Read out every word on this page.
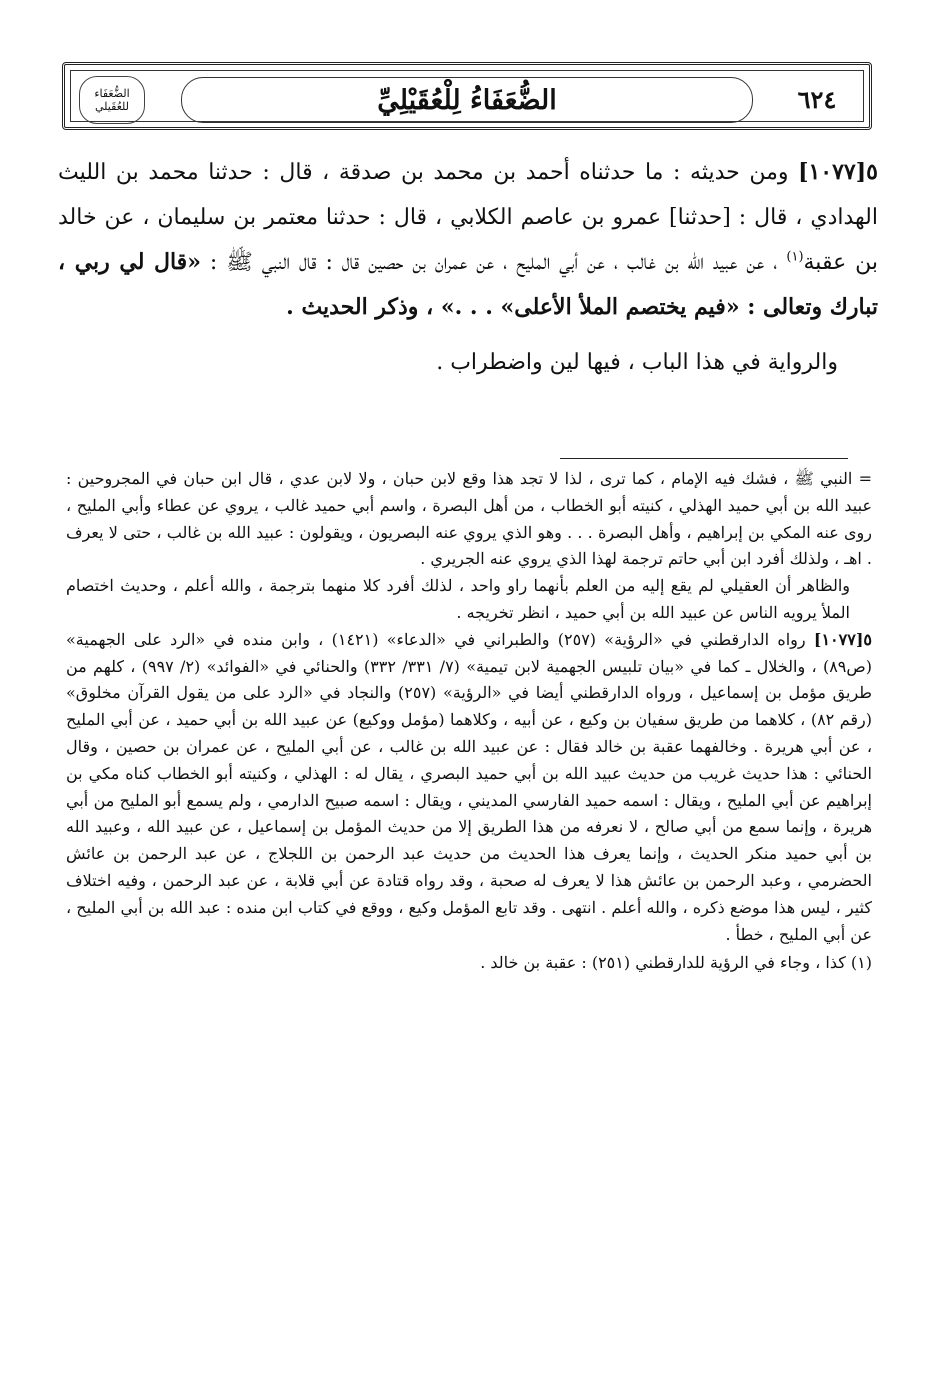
الضُّعَفَاء للعُقَيلي	الضُّعَفَاءُ لِلْعُقَيْلِيِّ	٦٢٤

٥[١٠٧٧] ومن حديثه : ما حدثناه أحمد بن محمد بن صدقة ، قال : حدثنا محمد بن الليث الهدادي ، قال : [حدثنا] عمرو بن عاصم الكلابي ، قال : حدثنا معتمر بن سليمان ، عن خالد بن عقبة$^{(١)}$ ، عن عبيد الله بن غالب ، عن أبي المليح ، عن عمران بن حصين قال : قال النبي ﷺ : «قال لي ربي ، تبارك وتعالى : «فيم يختصم الملأ الأعلى» . . .» ، وذكر الحديث .

والرواية في هذا الباب ، فيها لين واضطراب .

= النبي ﷺ ، فشك فيه الإمام ، كما ترى ، لذا لا تجد هذا وقع لابن حبان ، ولا لابن عدي ، قال ابن حبان في المجروحين : عبيد الله بن أبي حميد الهذلي ، كنيته أبو الخطاب ، من أهل البصرة ، واسم أبي حميد غالب ، يروي عن عطاء وأبي المليح ، روى عنه المكي بن إبراهيم ، وأهل البصرة . . . وهو الذي يروي عنه البصريون ، ويقولون : عبيد الله بن غالب ، حتى لا يعرف . اهـ ، ولذلك أفرد ابن أبي حاتم ترجمة لهذا الذي يروي عنه الجريري .

والظاهر أن العقيلي لم يقع إليه من العلم بأنهما راو واحد ، لذلك أفرد كلا منهما بترجمة ، والله أعلم ، وحديث اختصام الملأ يرويه الناس عن عبيد الله بن أبي حميد ، انظر تخريجه .

٥[١٠٧٧] رواه الدارقطني في «الرؤية» (٢٥٧) والطبراني في «الدعاء» (١٤٢١) ، وابن منده في «الرد على الجهمية» (ص٨٩) ، والخلال ـ كما في «بيان تلبيس الجهمية لابن تيمية» (٧/ ٣٣١/ ٣٣٢) والحنائي في «الفوائد» (٢/ ٩٩٧) ، كلهم من طريق مؤمل بن إسماعيل ، ورواه الدارقطني أيضا في «الرؤية» (٢٥٧) والنجاد في «الرد على من يقول القرآن مخلوق» (رقم ٨٢) ، كلاهما من طريق سفيان بن وكيع ، عن أبيه ، وكلاهما (مؤمل ووكيع) عن عبيد الله بن أبي حميد ، عن أبي المليح ، عن أبي هريرة . وخالفهما عقبة بن خالد فقال : عن عبيد الله بن غالب ، عن أبي المليح ، عن عمران بن حصين ، وقال الحنائي : هذا حديث غريب من حديث عبيد الله بن أبي حميد البصري ، يقال له : الهذلي ، وكنيته أبو الخطاب كناه مكي بن إبراهيم عن أبي المليح ، ويقال : اسمه حميد الفارسي المديني ، ويقال : اسمه صبيح الدارمي ، ولم يسمع أبو المليح من أبي هريرة ، وإنما سمع من أبي صالح ، لا نعرفه من هذا الطريق إلا من حديث المؤمل بن إسماعيل ، عن عبيد الله ، وعبيد الله بن أبي حميد منكر الحديث ، وإنما يعرف هذا الحديث من حديث عبد الرحمن بن اللجلاج ، عن عبد الرحمن بن عائش الحضرمي ، وعبد الرحمن بن عائش هذا لا يعرف له صحبة ، وقد رواه قتادة عن أبي قلابة ، عن عبد الرحمن ، وفيه اختلاف كثير ، ليس هذا موضع ذكره ، والله أعلم . انتهى . وقد تابع المؤمل وكيع ، ووقع في كتاب ابن منده : عبد الله بن أبي المليح ، عن أبي المليح ، خطأ .

(١) كذا ، وجاء في الرؤية للدارقطني (٢٥١) : عقبة بن خالد .
